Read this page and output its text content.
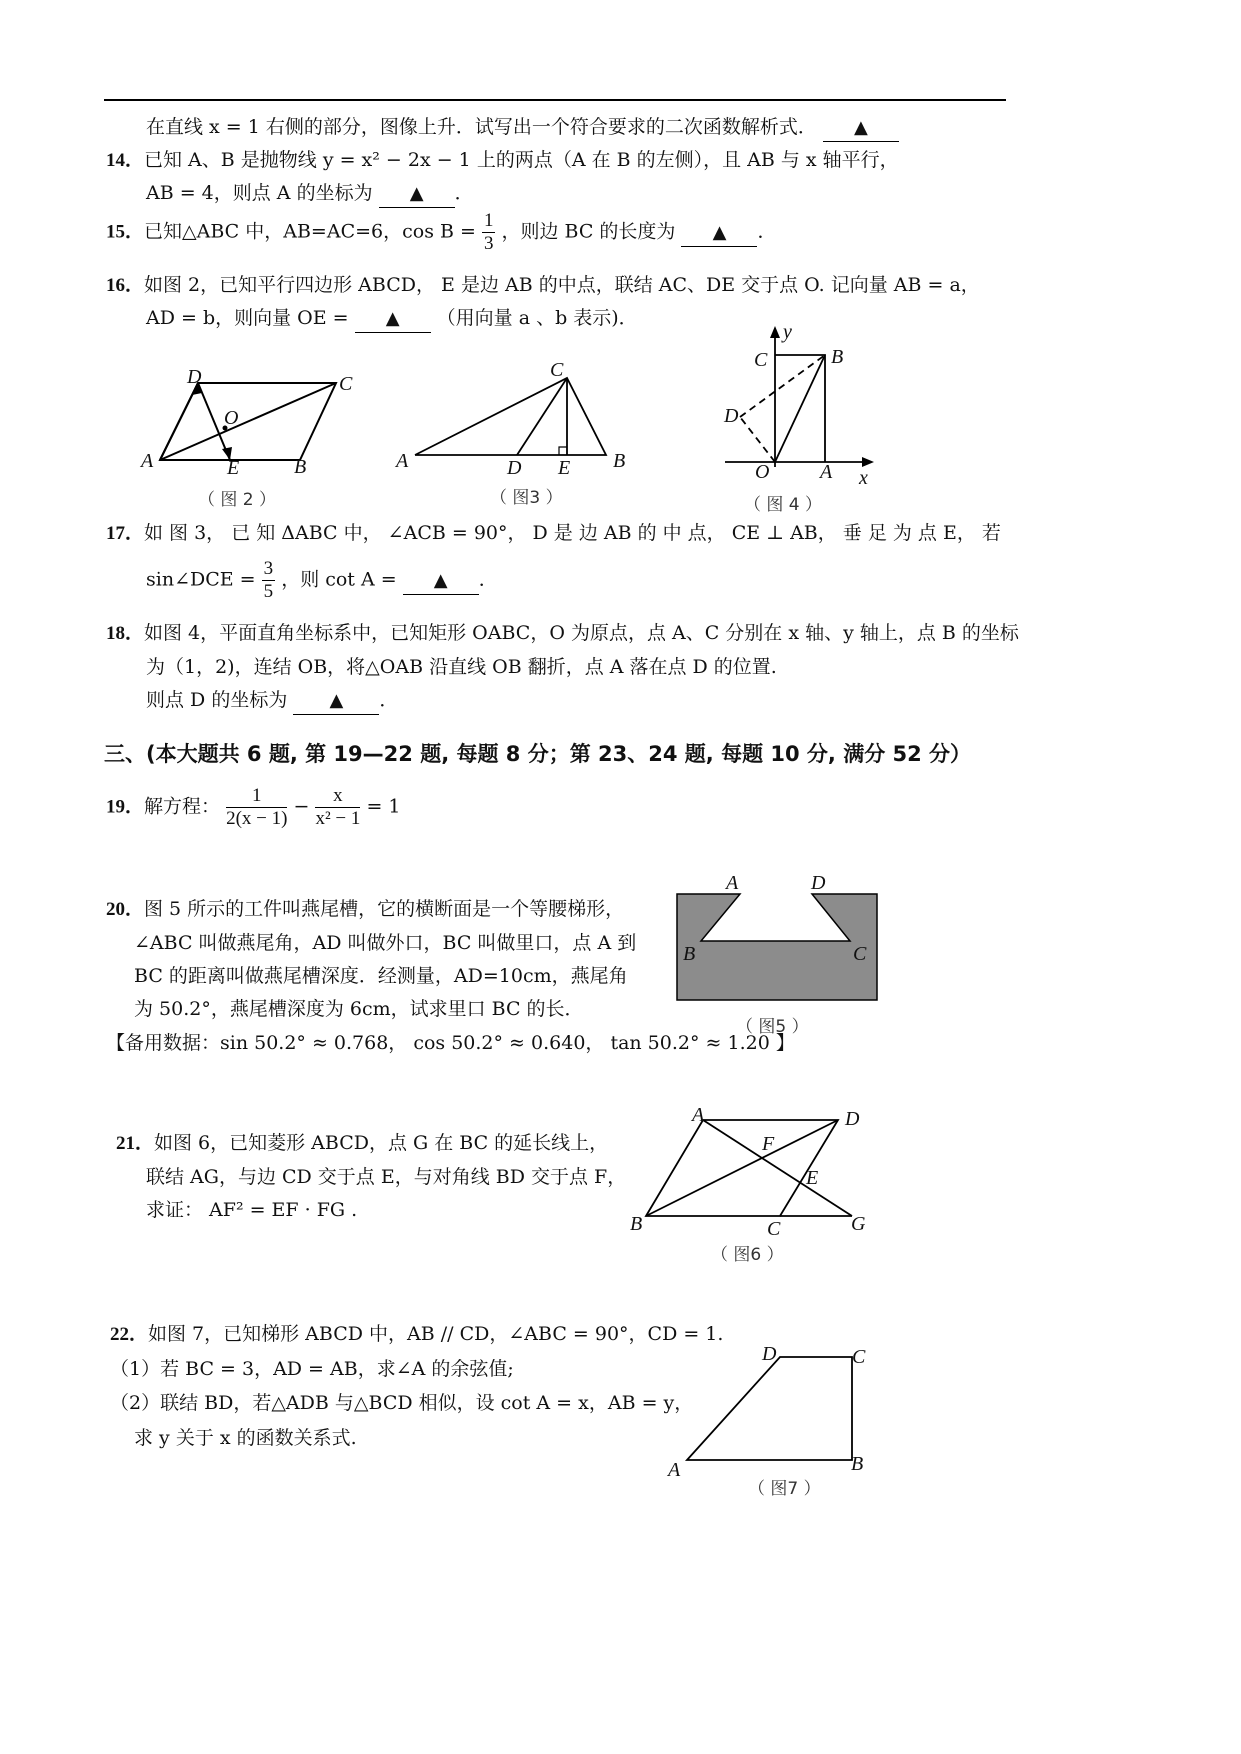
在直线 x = 1 右侧的部分，图像上升．试写出一个符合要求的二次函数解析式． ▲
14．已知 A、B 是抛物线 y = x² − 2x − 1 上的两点（A 在 B 的左侧），且 AB 与 x 轴平行，
AB = 4，则点 A 的坐标为 ▲ ．
15．已知△ABC 中，AB=AC=6，$\cos B = \frac{1}{3}$ ，则边 BC 的长度为 ▲ ．
16．如图 2，已知平行四边形 ABCD， E 是边 AB 的中点，联结 AC、DE 交于点 O. 记向量 AB = a，
AD = b，则向量 OE = ▲ （用向量 a 、b 表示)．
D	C
O
A	E	B
（ 图 2 ）
C
A	D E B
（ 图3 ）
y
C	B
D
O	A x
（ 图 4 ）
17．如 图 3， 已 知 ΔABC 中， ∠ACB = 90°， D 是 边 AB 的 中 点， CE ⊥ AB， 垂 足 为 点 E， 若
sin∠DCE = $\frac{3}{5}$ ，则 cot A = ▲ ．
18．如图 4，平面直角坐标系中，已知矩形 OABC，O 为原点，点 A、C 分别在 x 轴、y 轴上，点 B 的坐标
为（1，2)，连结 OB，将△OAB 沿直线 OB 翻折，点 A 落在点 D 的位置.
则点 D 的坐标为 ▲ ．
三、(本大题共 6 题, 第 19—22 题, 每题 8 分；第 23、24 题, 每题 10 分, 满分 52 分）
19．解方程： $\frac{1}{2(x - 1)} - \frac{x}{\text{x² − 1}} = 1$
20．图 5 所示的工件叫燕尾槽，它的横断面是一个等腰梯形，
∠ABC 叫做燕尾角，AD 叫做外口，BC 叫做里口，点 A 到
BC 的距离叫做燕尾槽深度．经测量，AD=10cm，燕尾角
为 50.2°，燕尾槽深度为 6cm，试求里口 BC 的长．
【备用数据：sin 50.2° ≈ 0.768， cos 50.2° ≈ 0.640， tan 50.2° ≈ 1.20 】
A	D
B	C
（ 图5 ）
21．如图 6，已知菱形 ABCD，点 G 在 BC 的延长线上，
联结 AG，与边 CD 交于点 E，与对角线 BD 交于点 F，
求证： AF² = EF · FG .
A	D
F
E
B	C	G
（ 图6 ）
22．如图 7，已知梯形 ABCD 中，AB // CD，∠ABC = 90°，CD = 1.
（1）若 BC = 3，AD = AB，求∠A 的余弦值;
（2）联结 BD，若△ADB 与△BCD 相似，设 cot A = x，AB = y，
求 y 关于 x 的函数关系式.
D	C
A	B
（ 图7 ）
